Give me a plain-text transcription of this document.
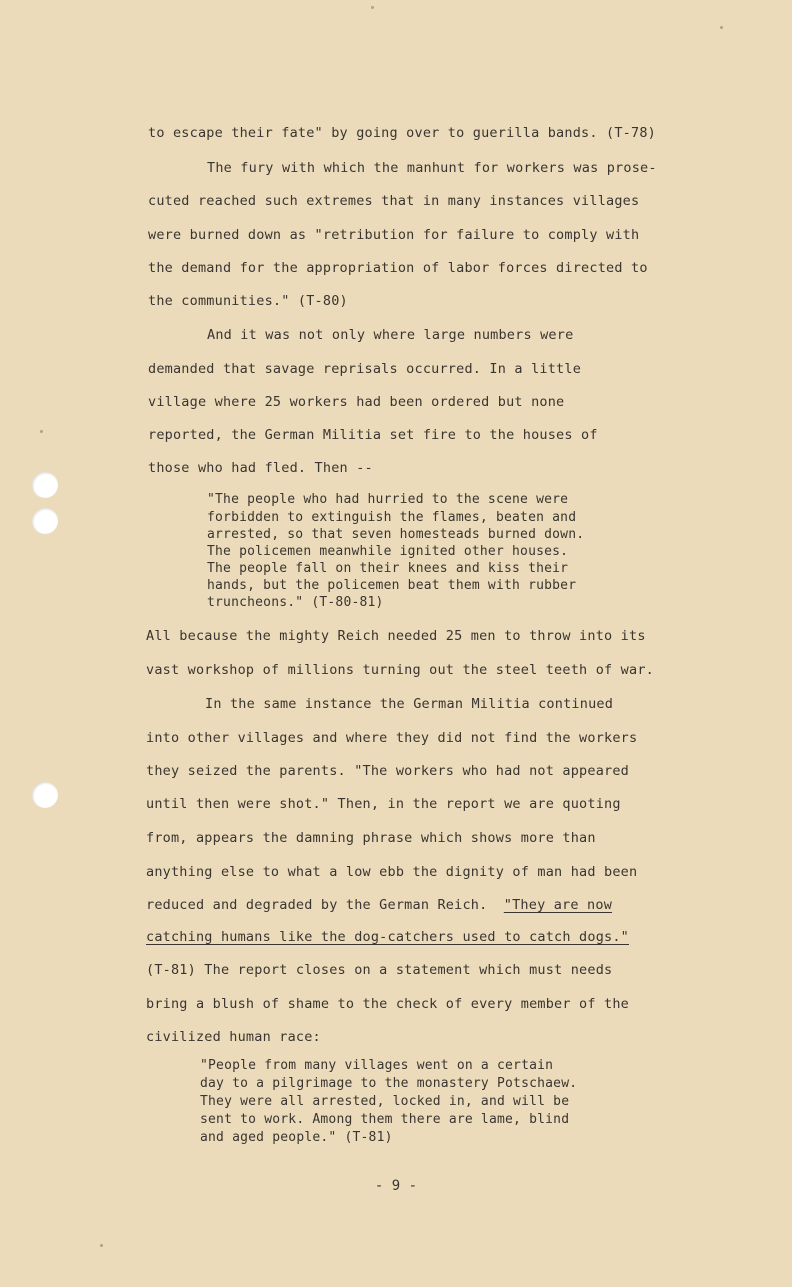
to escape their fate" by going over to guerilla bands. (T-78)
The fury with which the manhunt for workers was prose-
cuted reached such extremes that in many instances villages
were burned down as "retribution for failure to comply with
the demand for the appropriation of labor forces directed to
the communities." (T-80)
And it was not only where large numbers were
demanded that savage reprisals occurred. In a little
village where 25 workers had been ordered but none
reported, the German Militia set fire to the houses of
those who had fled. Then --
"The people who had hurried to the scene were
forbidden to extinguish the flames, beaten and
arrested, so that seven homesteads burned down.
The policemen meanwhile ignited other houses.
The people fall on their knees and kiss their
hands, but the policemen beat them with rubber
truncheons." (T-80-81)
All because the mighty Reich needed 25 men to throw into its
vast workshop of millions turning out the steel teeth of war.
In the same instance the German Militia continued
into other villages and where they did not find the workers
they seized the parents. "The workers who had not appeared
until then were shot." Then, in the report we are quoting
from, appears the damning phrase which shows more than
anything else to what a low ebb the dignity of man had been
reduced and degraded by the German Reich. "They are now
catching humans like the dog-catchers used to catch dogs."
(T-81) The report closes on a statement which must needs
bring a blush of shame to the check of every member of the
civilized human race:
"People from many villages went on a certain
day to a pilgrimage to the monastery Potschaew.
They were all arrested, locked in, and will be
sent to work. Among them there are lame, blind
and aged people." (T-81)
- 9 -
